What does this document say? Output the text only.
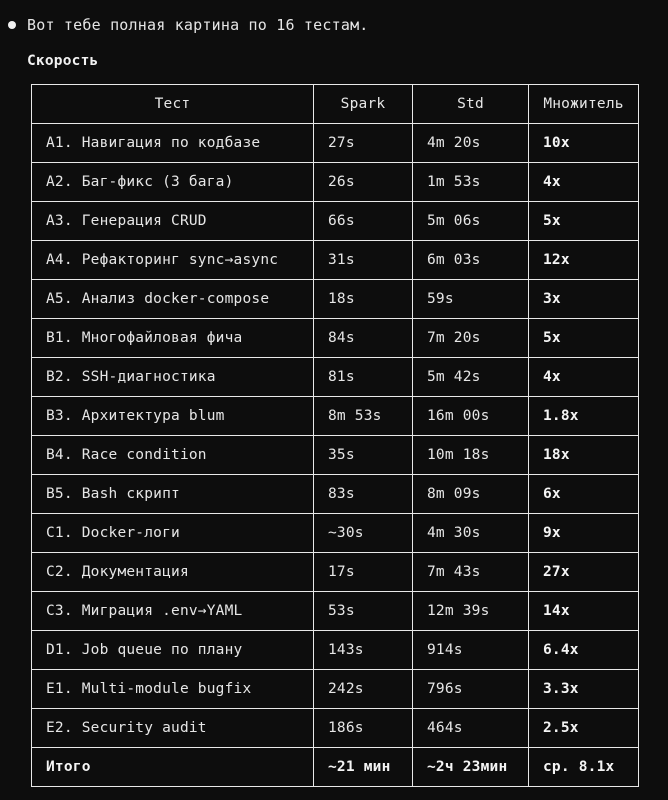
Вот тебе полная картина по 16 тестам.
Скорость
Тест	Spark	Std	Множитель
A1. Навигация по кодбазе	27s	4m 20s	10x
A2. Баг-фикс (3 бага)	26s	1m 53s	4x
A3. Генерация CRUD	66s	5m 06s	5x
A4. Рефакторинг sync→async	31s	6m 03s	12x
A5. Анализ docker-compose	18s	59s	3x
B1. Многофайловая фича	84s	7m 20s	5x
B2. SSH-диагностика	81s	5m 42s	4x
B3. Архитектура blum	8m 53s	16m 00s	1.8x
B4. Race condition	35s	10m 18s	18x
B5. Bash скрипт	83s	8m 09s	6x
C1. Docker-логи	~30s	4m 30s	9x
C2. Документация	17s	7m 43s	27x
C3. Миграция .env→YAML	53s	12m 39s	14x
D1. Job queue по плану	143s	914s	6.4x
E1. Multi-module bugfix	242s	796s	3.3x
E2. Security audit	186s	464s	2.5x
Итого	~21 мин	~2ч 23мин	ср. 8.1x
